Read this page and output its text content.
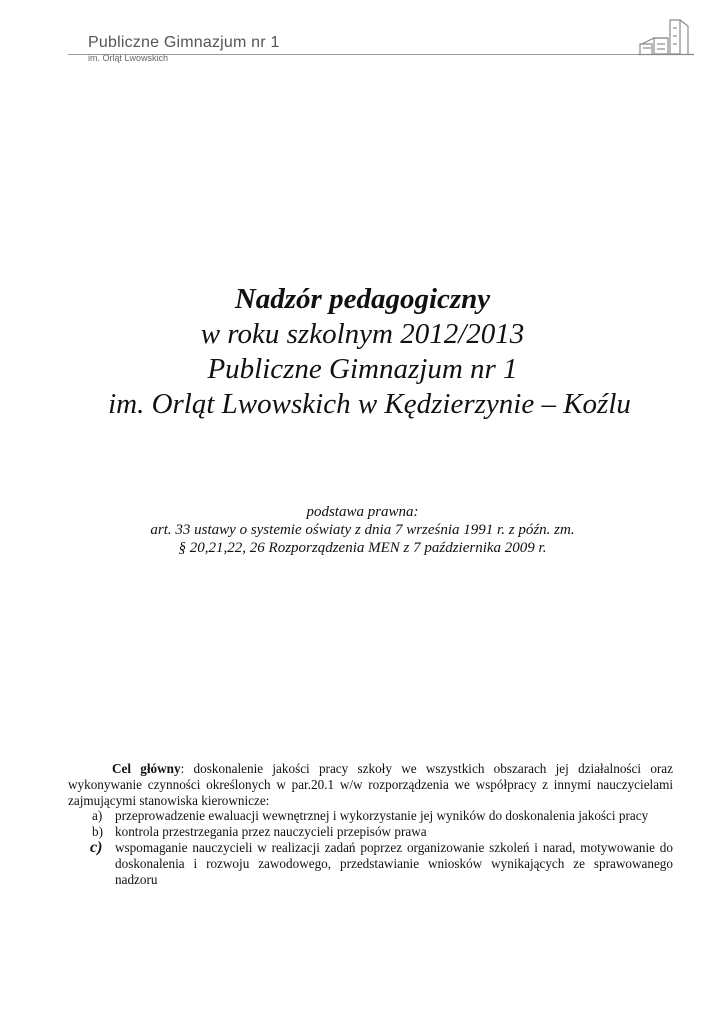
Publiczne Gimnazjum nr 1
im. Orląt Lwowskich
Nadzór pedagogiczny
w roku szkolnym 2012/2013
Publiczne Gimnazjum nr 1
im. Orląt Lwowskich w Kędzierzynie – Koźlu
podstawa prawna:
art. 33 ustawy o systemie oświaty z dnia 7 września 1991 r. z późn. zm.
§ 20,21,22, 26 Rozporządzenia MEN z 7 października 2009 r.

Cel główny: doskonalenie jakości pracy szkoły we wszystkich obszarach jej działalności oraz wykonywanie czynności określonych w par.20.1 w/w rozporządzenia we współpracy z innymi nauczycielami zajmującymi stanowiska kierownicze:

a) przeprowadzenie ewaluacji wewnętrznej i wykorzystanie jej wyników do doskonalenia jakości pracy
b) kontrola przestrzegania przez nauczycieli przepisów prawa
c) wspomaganie nauczycieli w realizacji zadań poprzez organizowanie szkoleń i narad, motywowanie do doskonalenia i rozwoju zawodowego, przedstawianie wniosków wynikających ze sprawowanego nadzoru
